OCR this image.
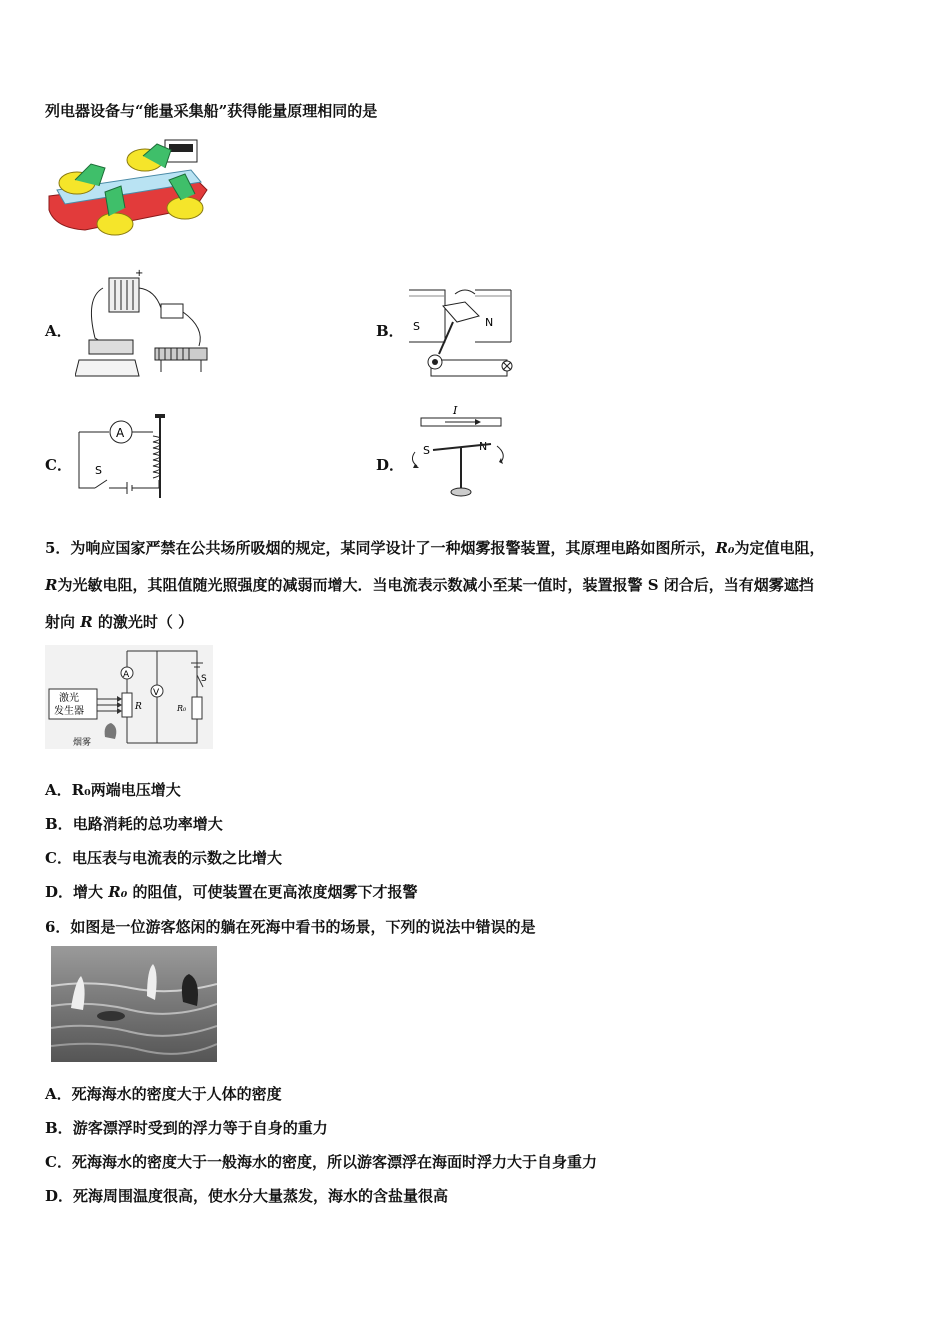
列电器设备与“能量采集船”获得能量原理相同的是
A．
+
B． S	N
C．
A
S	D．
I
S	N
5．为响应国家严禁在公共场所吸烟的规定，某同学设计了一种烟雾报警装置，其原理电路如图所示，R₀为定值电阻，
R为光敏电阻，其阻值随光照强度的减弱而增大．当电流表示数减小至某一值时，装置报警 S 闭合后，当有烟雾遮挡
射向 R 的激光时（ ）
A
R
V
S
R₀
激光
发生器
烟雾
A．R₀两端电压增大
B．电路消耗的总功率增大
C．电压表与电流表的示数之比增大
D．增大 R₀ 的阻值，可使装置在更高浓度烟雾下才报警
6．如图是一位游客悠闲的躺在死海中看书的场景，下列的说法中错误的是
A．死海海水的密度大于人体的密度
B．游客漂浮时受到的浮力等于自身的重力
C．死海海水的密度大于一般海水的密度，所以游客漂浮在海面时浮力大于自身重力
D．死海周围温度很高，使水分大量蒸发，海水的含盐量很高
